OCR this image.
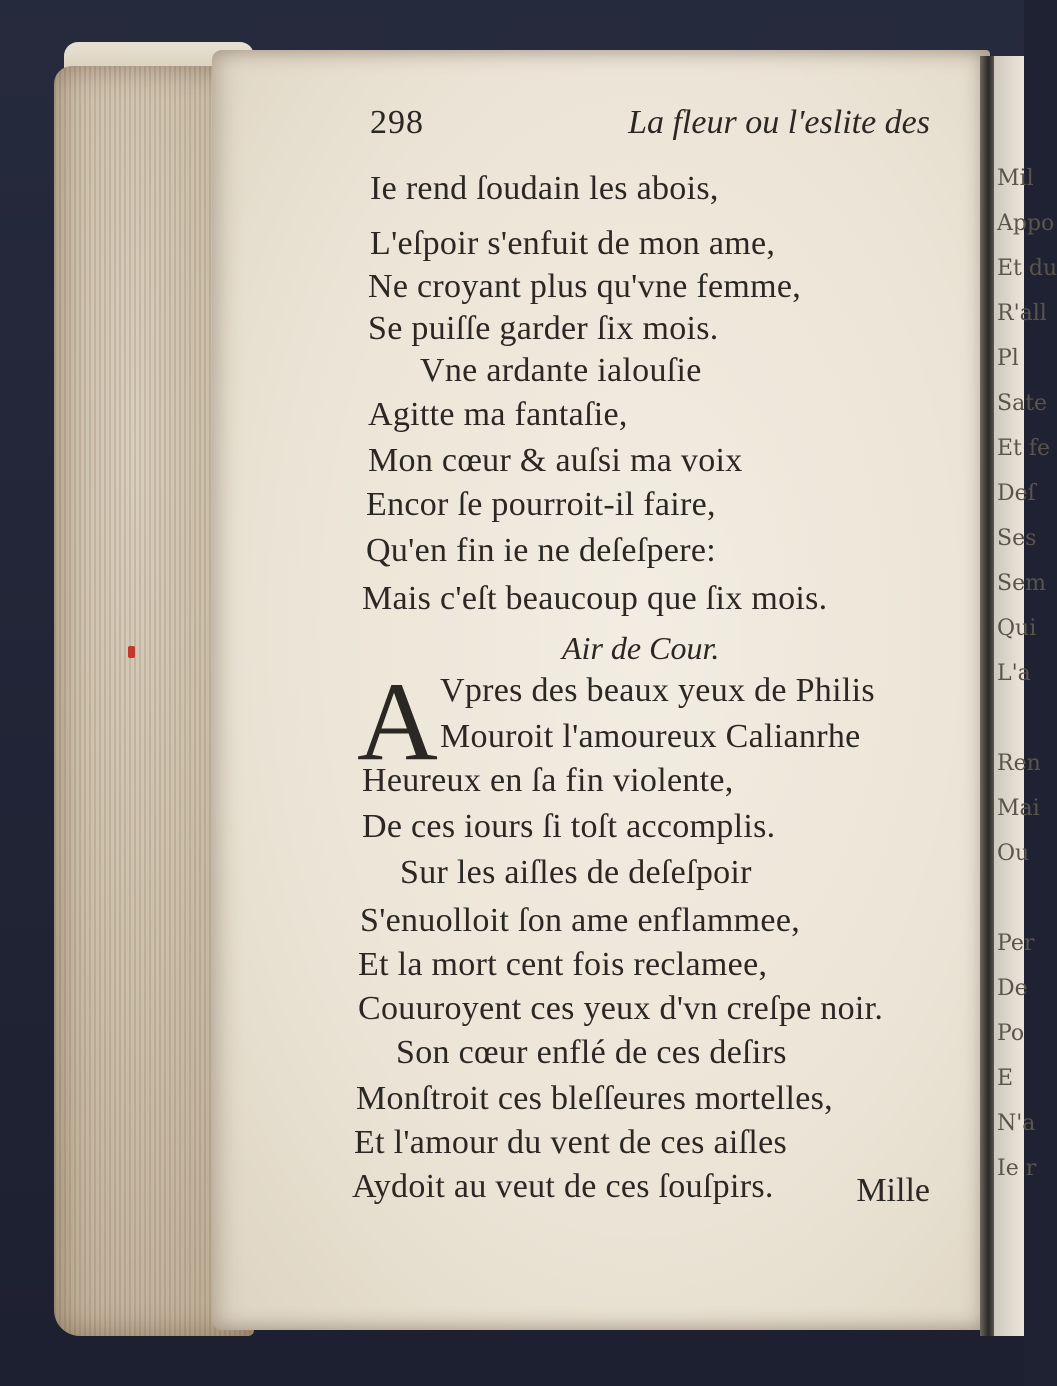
298	La fleur ou l'eslite des
Ie rend ſoudain les abois,
L'eſpoir s'enfuit de mon ame,
Ne croyant plus qu'vne femme,
Se puiſſe garder ſix mois.
Vne ardante ialouſie
Agitte ma fantaſie,
Mon cœur & auſsi ma voix
Encor ſe pourroit-il faire,
Qu'en fin ie ne deſeſpere:
Mais c'eſt beaucoup que ſix mois.
Air de Cour.
A Vpres des beaux yeux de Philis
Mouroit l'amoureux Calianrhe
Heureux en ſa fin violente,
De ces iours ſi toſt accomplis.
Sur les aiſles de deſeſpoir
S'enuolloit ſon ame enflammee,
Et la mort cent fois reclamee,
Couuroyent ces yeux d'vn creſpe noir.
Son cœur enflé de ces deſirs
Monſtroit ces bleſſeures mortelles,
Et l'amour du vent de ces aiſles
Aydoit au veut de ces ſouſpirs. Mille
Mil
Appo
Et du
R'all
Pl
Sate
Et fe
Deſ
Ses
Sem
Qui
L'a

Ren
Mai
Ou

Per
De
Po
E
N'a
Ie r
